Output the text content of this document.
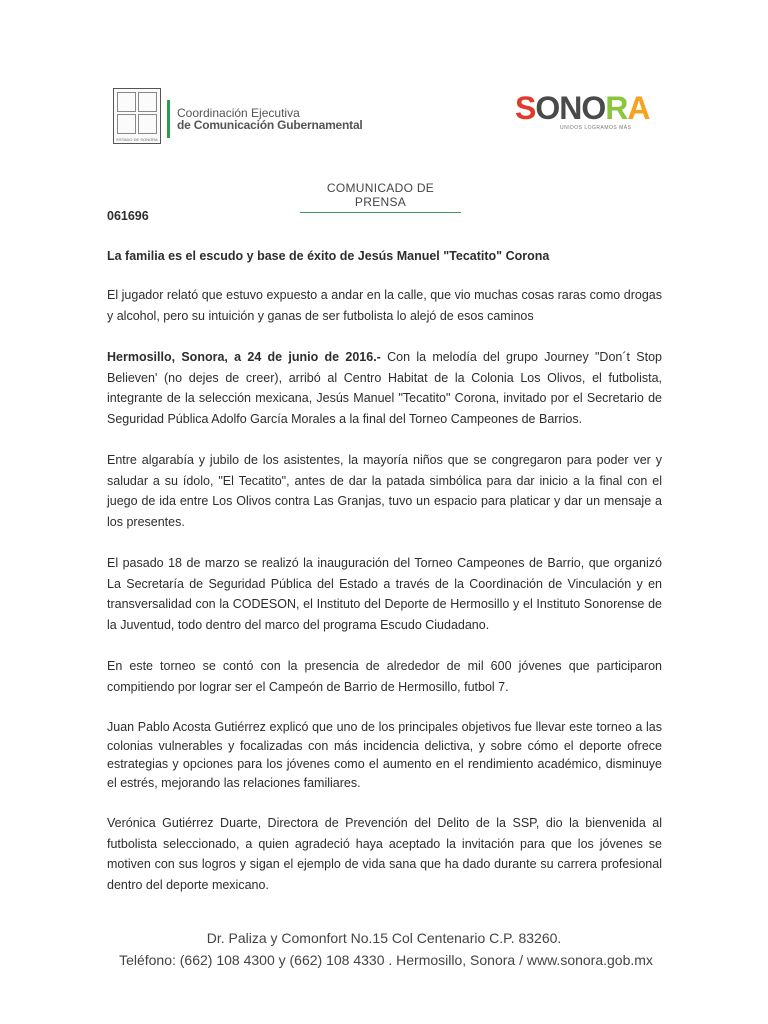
ESTADO DE SONORA
Coordinación Ejecutiva
de Comunicación Gubernamental	SONORA
UNIDOS LOGRAMOS MÁS
COMUNICADO DE PRENSA

061696

La familia es el escudo y base de éxito de Jesús Manuel "Tecatito" Corona

El jugador relató que estuvo expuesto a andar en la calle, que vio muchas cosas raras como drogas y alcohol, pero su intuición y ganas de ser futbolista lo alejó de esos caminos

Hermosillo, Sonora, a 24 de junio de 2016.- Con la melodía del grupo Journey "Don´t Stop Believen' (no dejes de creer), arribó al Centro Habitat de la Colonia Los Olivos, el futbolista, integrante de la selección mexicana, Jesús Manuel "Tecatito" Corona, invitado por el Secretario de Seguridad Pública Adolfo García Morales a la final del Torneo Campeones de Barrios.

Entre algarabía y jubilo de los asistentes, la mayoría niños que se congregaron para poder ver y saludar a su ídolo, "El Tecatito", antes de dar la patada simbólica para dar inicio a la final con el juego de ida entre Los Olivos contra Las Granjas, tuvo un espacio para platicar y dar un mensaje a los presentes.

El pasado 18 de marzo se realizó la inauguración del Torneo Campeones de Barrio, que organizó La Secretaría de Seguridad Pública del Estado a través de la Coordinación de Vinculación y en transversalidad con la CODESON, el Instituto del Deporte de Hermosillo y el Instituto Sonorense de la Juventud, todo dentro del marco del programa Escudo Ciudadano.

En este torneo se contó con la presencia de alrededor de mil 600 jóvenes que participaron compitiendo por lograr ser el Campeón de Barrio de Hermosillo, futbol 7.

Juan Pablo Acosta Gutiérrez explicó que uno de los principales objetivos fue llevar este torneo a las colonias vulnerables y focalizadas con más incidencia delictiva, y sobre cómo el deporte ofrece estrategias y opciones para los jóvenes como el aumento en el rendimiento académico, disminuye el estrés, mejorando las relaciones familiares.

Verónica Gutiérrez Duarte, Directora de Prevención del Delito de la SSP, dio la bienvenida al futbolista seleccionado, a quien agradeció haya aceptado la invitación para que los jóvenes se motiven con sus logros y sigan el ejemplo de vida sana que ha dado durante su carrera profesional dentro del deporte mexicano.

Dr. Paliza y Comonfort No.15 Col Centenario C.P. 83260.
Teléfono: (662) 108 4300 y (662) 108 4330 . Hermosillo, Sonora / www.sonora.gob.mx
